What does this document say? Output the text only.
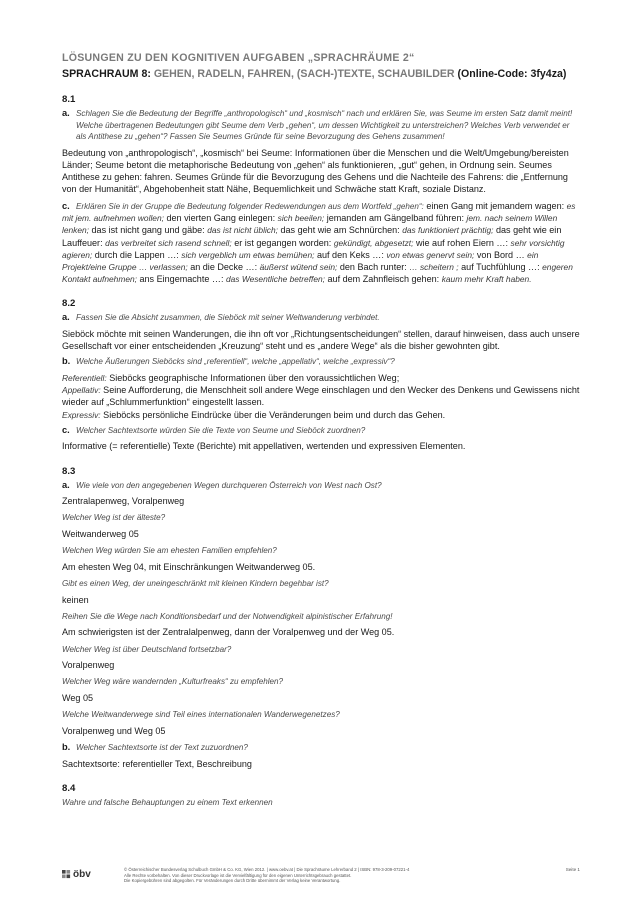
LÖSUNGEN ZU DEN KOGNITIVEN AUFGABEN „SPRACHRÄUME 2“
SPRACHRAUM 8: GEHEN, RADELN, FAHREN, (SACH-)TEXTE, SCHAUBILDER (Online-Code: 3fy4za)
8.1
a. Schlagen Sie die Bedeutung der Begriffe „anthropologisch“ und „kosmisch“ nach und erklären Sie, was Seume im ersten Satz damit meint! Welche übertragenen Bedeutungen gibt Seume dem Verb „gehen“, um dessen Wichtigkeit zu unterstreichen? Welches Verb verwendet er als Antithese zu „gehen“? Fassen Sie Seumes Gründe für seine Bevorzugung des Gehens zusammen!
Bedeutung von „anthropologisch“, „kosmisch“ bei Seume: Informationen über die Menschen und die Welt/Umgebung/bereisten Länder; Seume betont die metaphorische Bedeutung von „gehen“ als funktionieren, „gut“ gehen, in Ordnung sein. Seumes Antithese zu gehen: fahren. Seumes Gründe für die Bevorzugung des Gehens und die Nachteile des Fahrens: die „Entfernung von der Humanität“, Abgehobenheit statt Nähe, Bequemlichkeit und Schwäche statt Kraft, soziale Distanz.
c. Erklären Sie in der Gruppe die Bedeutung folgender Redewendungen aus dem Wortfeld „gehen“: einen Gang mit jemandem wagen: es mit jem. aufnehmen wollen; den vierten Gang einlegen: sich beeilen; jemanden am Gängelband führen: jem. nach seinem Willen lenken; das ist nicht gang und gäbe: das ist nicht üblich; das geht wie am Schnürchen: das funktioniert prächtig; das geht wie ein Lauffeuer: das verbreitet sich rasend schnell; er ist gegangen worden: gekündigt, abgesetzt; wie auf rohen Eiern …: sehr vorsichtig agieren; durch die Lappen …: sich vergeblich um etwas bemühen; auf den Keks …: von etwas genervt sein; von Bord … ein Projekt/eine Gruppe … verlassen; an die Decke …: äußerst wütend sein; den Bach runter: … scheitern ; auf Tuchfühlung …: engeren Kontakt aufnehmen; ans Eingemachte …: das Wesentliche betreffen; auf dem Zahnfleisch gehen: kaum mehr Kraft haben.
8.2
a. Fassen Sie die Absicht zusammen, die Sieböck mit seiner Weltwanderung verbindet.
Sieböck möchte mit seinen Wanderungen, die ihn oft vor „Richtungsentscheidungen“ stellen, darauf hinweisen, dass auch unsere Gesellschaft vor einer entscheidenden „Kreuzung“ steht und es „andere Wege“ als die bisher gewohnten gibt.
b. Welche Äußerungen Sieböcks sind „referentiell“, welche „appellativ“, welche „expressiv“?
Referentiell: Sieböcks geographische Informationen über den voraussichtlichen Weg;
Appellativ: Seine Aufforderung, die Menschheit soll andere Wege einschlagen und den Wecker des Denkens und Gewissens nicht wieder auf „Schlummerfunktion“ eingestellt lassen.
Expressiv: Sieböcks persönliche Eindrücke über die Veränderungen beim und durch das Gehen.
c. Welcher Sachtextsorte würden Sie die Texte von Seume und Sieböck zuordnen?
Informative (= referentielle) Texte (Berichte) mit appellativen, wertenden und expressiven Elementen.
8.3
a. Wie viele von den angegebenen Wegen durchqueren Österreich von West nach Ost?
Zentralapenweg, Voralpenweg
Welcher Weg ist der älteste?
Weitwanderweg 05
Welchen Weg würden Sie am ehesten Familien empfehlen?
Am ehesten Weg 04, mit Einschränkungen Weitwanderweg 05.
Gibt es einen Weg, der uneingeschränkt mit kleinen Kindern begehbar ist?
keinen
Reihen Sie die Wege nach Konditionsbedarf und der Notwendigkeit alpinistischer Erfahrung!
Am schwierigsten ist der Zentralalpenweg, dann der Voralpenweg und der Weg 05.
Welcher Weg ist über Deutschland fortsetzbar?
Voralpenweg
Welcher Weg wäre wandernden „Kulturfreaks“ zu empfehlen?
Weg 05
Welche Weitwanderwege sind Teil eines internationalen Wanderwegenetzes?
Voralpenweg und Weg 05
b. Welcher Sachtextsorte ist der Text zuzuordnen?
Sachtextsorte: referentieller Text, Beschreibung
8.4
Wahre und falsche Behauptungen zu einem Text erkennen
öbv	© Österreichischer Bundesverlag Schulbuch GmbH & Co. KG, Wien 2012. | www.oebv.at | Die Sprachräume Lehrerband 2 | ISBN: 978-3-209-07221-4
Alle Rechte vorbehalten. Von dieser Druckvorlage ist die Vervielfältigung für den eigenen Unterrichtsgebrauch gestattet.
Die Kopiergebühren sind abgegolten. Für Veränderungen durch Dritte übernimmt der Verlag keine Verantwortung.
Seite 1
